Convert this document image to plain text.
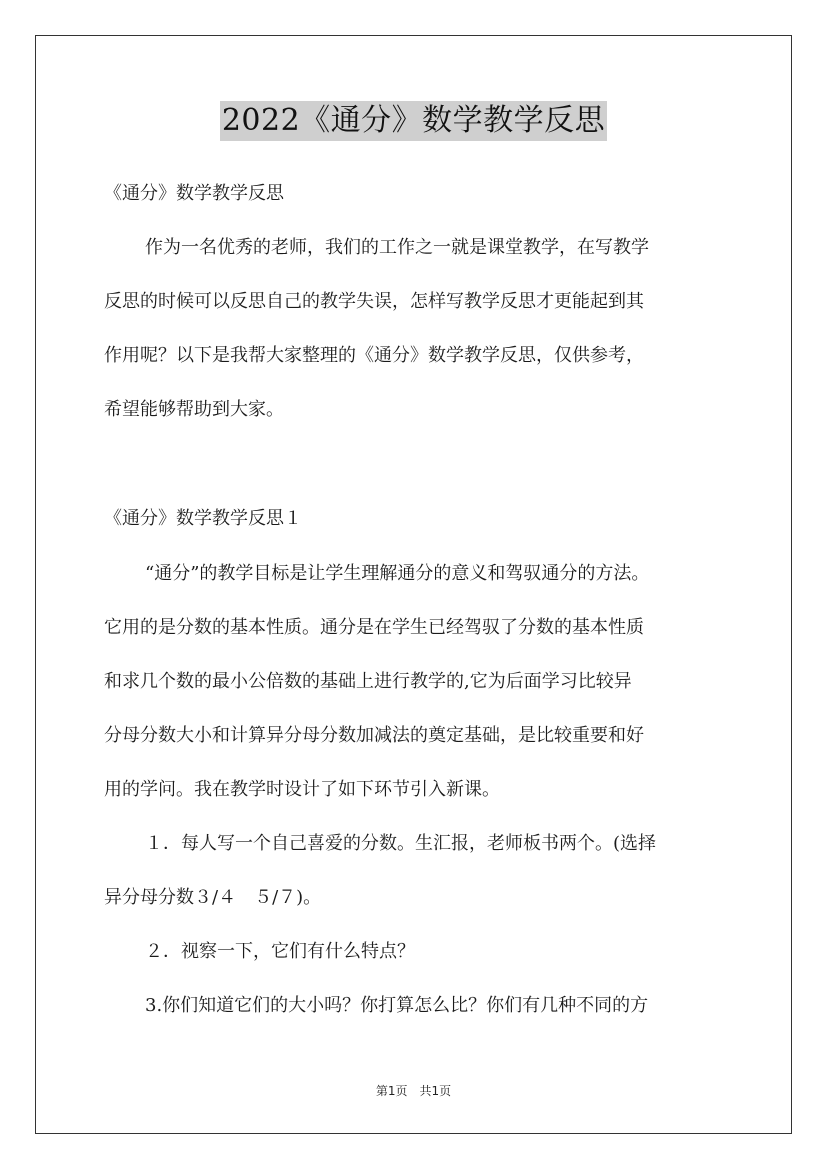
2022《通分》数学教学反思
《通分》数学教学反思
作为一名优秀的老师，我们的工作之一就是课堂教学，在写教学
反思的时候可以反思自己的教学失误，怎样写教学反思才更能起到其
作用呢？以下是我帮大家整理的《通分》数学教学反思，仅供参考，
希望能够帮助到大家。
《通分》数学教学反思１
“通分”的教学目标是让学生理解通分的意义和驾驭通分的方法。
它用的是分数的基本性质。通分是在学生已经驾驭了分数的基本性质
和求几个数的最小公倍数的基础上进行教学的,它为后面学习比较异
分母分数大小和计算异分母分数加减法的奠定基础，是比较重要和好
用的学问。我在教学时设计了如下环节引入新课。
１．每人写一个自己喜爱的分数。生汇报，老师板书两个。(选择
异分母分数３/４　５/７)。
２．视察一下，它们有什么特点？
3.你们知道它们的大小吗？你打算怎么比？你们有几种不同的方
第1页　共1页
